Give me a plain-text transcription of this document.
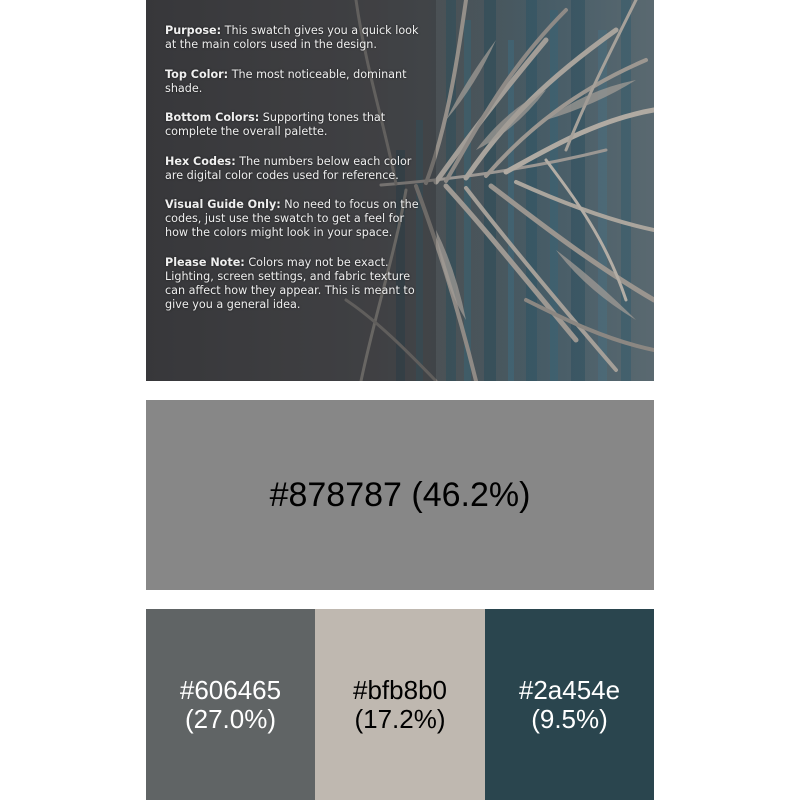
Purpose: This swatch gives you a quick look at the main colors used in the design.

Top Color: The most noticeable, dominant shade.

Bottom Colors: Supporting tones that complete the overall palette.

Hex Codes: The numbers below each color are digital color codes used for reference.

Visual Guide Only: No need to focus on the codes, just use the swatch to get a feel for how the colors might look in your space.

Please Note: Colors may not be exact. Lighting, screen settings, and fabric texture can affect how they appear. This is meant to give you a general idea.

#878787 (46.2%)
#606465
(27.0%)
#bfb8b0
(17.2%)
#2a454e
(9.5%)
